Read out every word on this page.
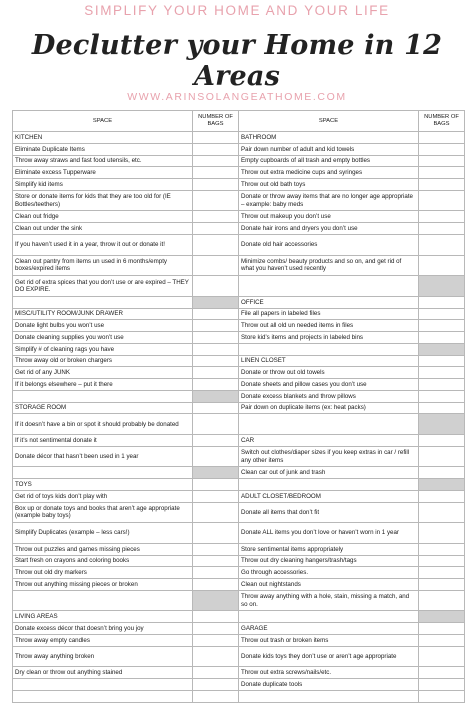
SIMPLIFY YOUR HOME AND YOUR LIFE
Declutter your Home in 12 Areas
WWW.ARINSOLANGEATHOME.COM
SPACE	NUMBER OF BAGS	SPACE	NUMBER OF BAGS
KITCHEN		BATHROOM	
Eliminate Duplicate Items		Pair down number of adult and kid towels	
Throw away straws and fast food utensils, etc.		Empty cupboards of all trash and empty bottles	
Eliminate excess Tupperware		Throw out extra medicine cups and syringes	
Simplify kid items		Throw out old bath toys	
Store or donate items for kids that they are too old for (IE Bottles/teethers)		Donate or throw away items that are no longer age appropriate – example: baby meds	
Clean out fridge		Throw out makeup you don’t use	
Clean out under the sink		Donate hair irons and dryers you don’t use	
If you haven’t used it in a year, throw it out or donate it!		Donate old hair accessories	
Clean out pantry from items un used in 6 months/empty boxes/expired items		Minimize combs/ beauty products and so on, and get rid of what you haven’t used recently	
Get rid of extra spices that you don’t use or are expired – THEY DO EXPIRE.			
		OFFICE	
MISC/UTILITY ROOM/JUNK DRAWER		File all papers in labeled files	
Donate light bulbs you won’t use		Throw out all old un needed items in files	
Donate cleaning supplies you won’t use		Store kid’s items and projects in labeled bins	
Simplify # of cleaning rags you have			
Throw away old or broken chargers		LINEN CLOSET	
Get rid of any JUNK		Donate or throw out old towels	
If it belongs elsewhere – put it there		Donate sheets and pillow cases you don’t use	
		Donate excess blankets and throw pillows	
STORAGE ROOM		Pair down on duplicate items (ex: heat packs)	
If it doesn’t have a bin or spot it should probably be donated			
If it’s not sentimental donate it		CAR	
Donate décor that hasn’t been used in 1 year		Switch out clothes/diaper sizes if you keep extras in car / refill any other items	
		Clean car out of junk and trash	
TOYS			
Get rid of toys kids don’t play with		ADULT CLOSET/BEDROOM	
Box up or donate toys and books that aren’t age appropriate (example baby toys)		Donate all items that don’t fit	
Simplify Duplicates (example – less cars!)		Donate ALL items you don’t love or haven’t worn in 1 year	
Throw out puzzles and games missing pieces		Store sentimental items appropriately	
Start fresh on crayons and coloring books		Throw out dry cleaning hangers/trash/tags	
Throw out old dry markers		Go through accessories.	
Throw out anything missing pieces or broken		Clean out nightstands	
		Throw away anything with a hole, stain, missing a match, and so on.	
LIVING AREAS			
Donate excess décor that doesn’t bring you joy		GARAGE	
Throw away empty candles		Throw out trash or broken items	
Throw away anything broken		Donate kids toys they don’t use or aren’t age appropriate	
Dry clean or throw out anything stained		Throw out extra screws/nails/etc.	
		Donate duplicate tools	
